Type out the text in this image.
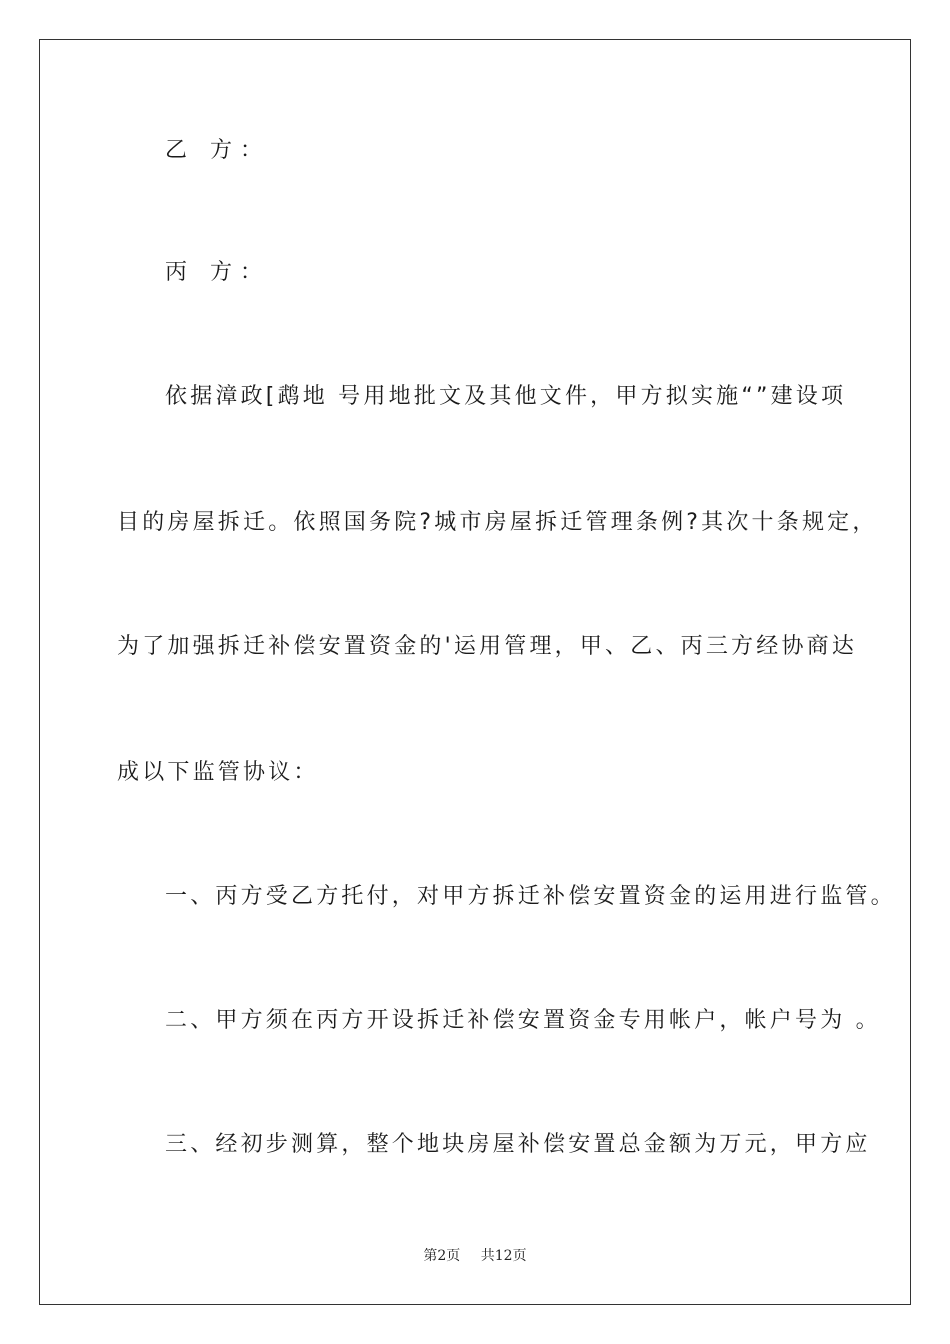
乙 方：

丙 方：

依据漳政[鹉地 号用地批文及其他文件，甲方拟实施“”建设项

目的房屋拆迁。依照国务院?城市房屋拆迁管理条例?其次十条规定，

为了加强拆迁补偿安置资金的'运用管理，甲、乙、丙三方经协商达

成以下监管协议：

一、丙方受乙方托付，对甲方拆迁补偿安置资金的运用进行监管。

二、甲方须在丙方开设拆迁补偿安置资金专用帐户，帐户号为 。

三、经初步测算，整个地块房屋补偿安置总金额为万元，甲方应

第2页 共12页
